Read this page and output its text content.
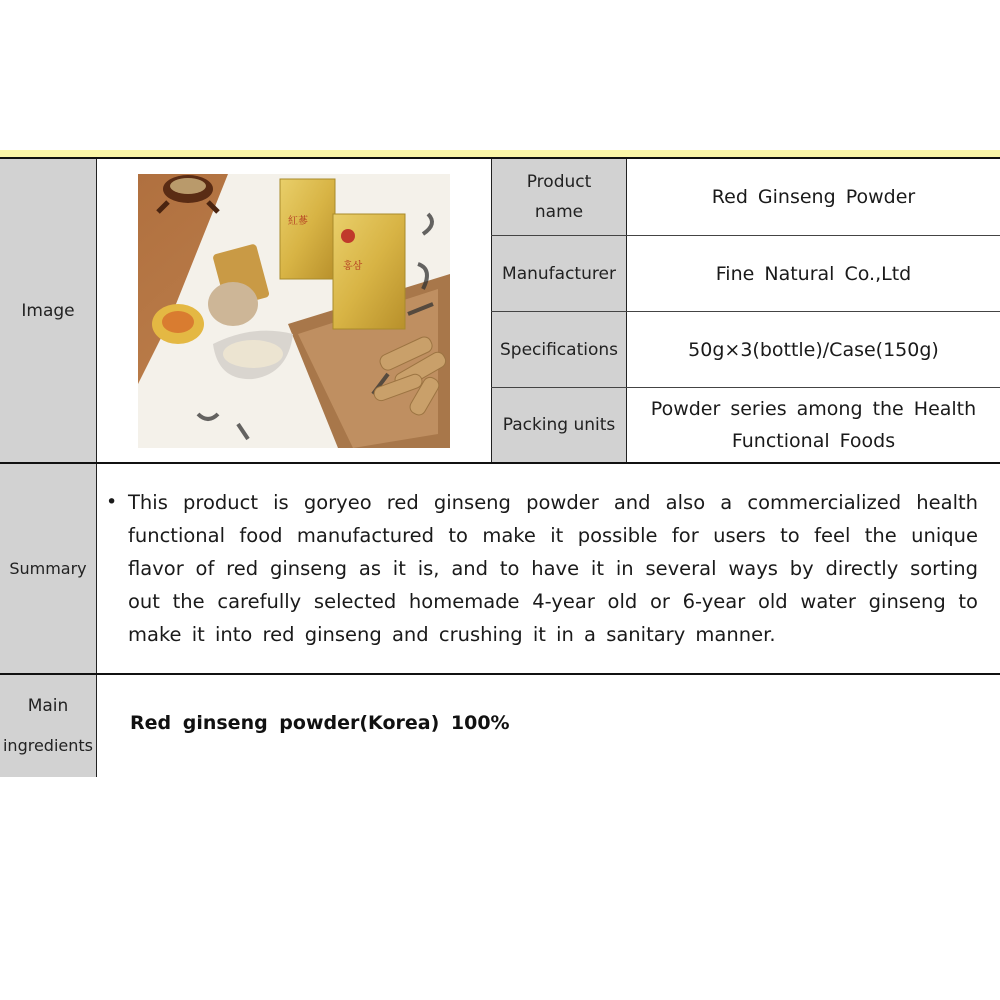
Image
Summary
Main
ingredients
紅蔘
홍삼
Product
name
Red Ginseng Powder
Manufacturer	Fine Natural Co.,Ltd
Specifications	50g×3(bottle)/Case(150g)
Packing units
Powder series among the Health
Functional Foods
• This product is goryeo red ginseng powder and also a commercialized health functional food manufactured to make it possible for users to feel the unique flavor of red ginseng as it is, and to have it in several ways by directly sorting out the carefully selected homemade 4-year old or 6-year old water ginseng to make it into red ginseng and crushing it in a sanitary manner.
Red ginseng powder(Korea) 100%
